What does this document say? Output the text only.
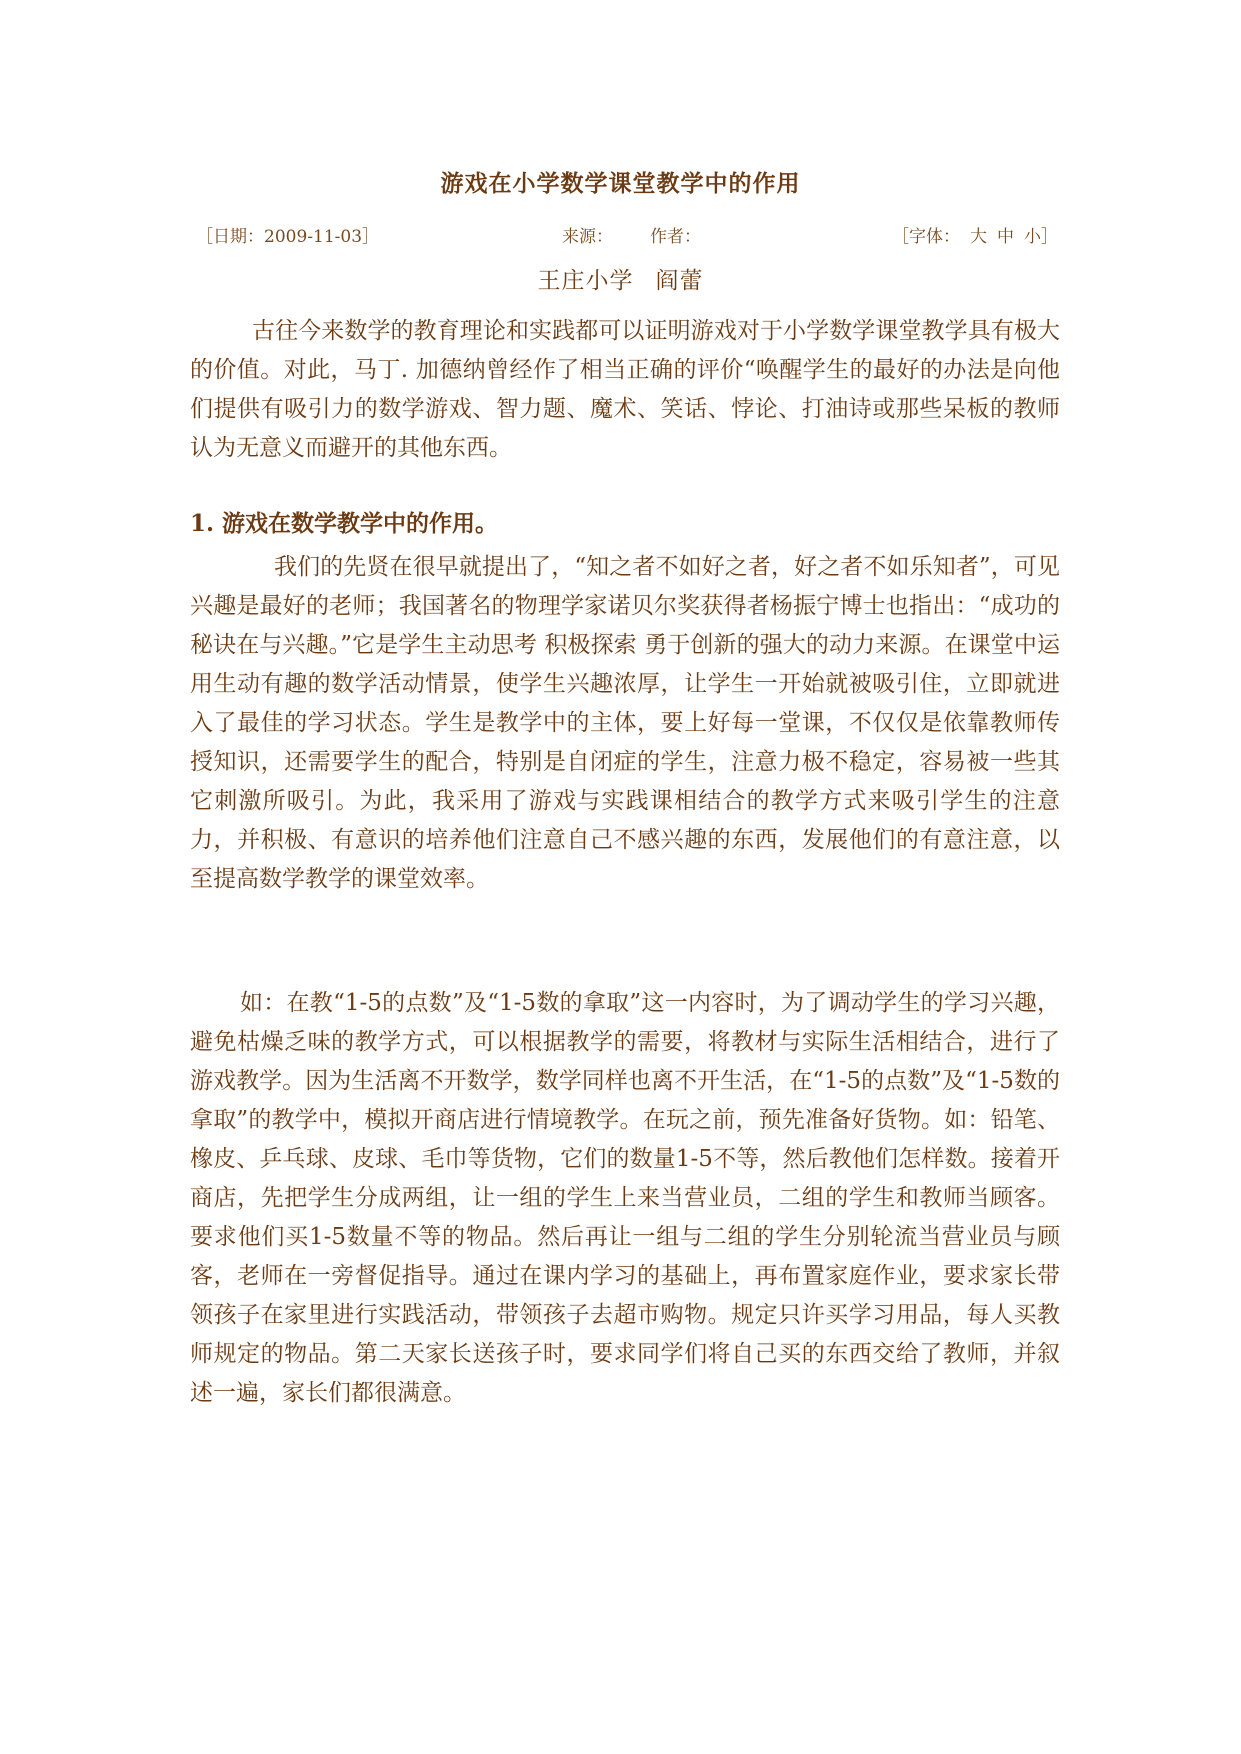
游戏在小学数学课堂教学中的作用
［日期：2009-11-03］	来源： 作者：	［字体： 大 中 小］
王庄小学 阎蕾

古往今来数学的教育理论和实践都可以证明游戏对于小学数学课堂教学具有极大的价值。对此，马丁. 加德纳曾经作了相当正确的评价“唤醒学生的最好的办法是向他们提供有吸引力的数学游戏、智力题、魔术、笑话、悖论、打油诗或那些呆板的教师认为无意义而避开的其他东西。

1. 游戏在数学教学中的作用。

我们的先贤在很早就提出了，“知之者不如好之者，好之者不如乐知者”，可见兴趣是最好的老师；我国著名的物理学家诺贝尔奖获得者杨振宁博士也指出：“成功的秘诀在与兴趣。”它是学生主动思考 积极探索 勇于创新的强大的动力来源。在课堂中运用生动有趣的数学活动情景，使学生兴趣浓厚，让学生一开始就被吸引住，立即就进入了最佳的学习状态。学生是教学中的主体，要上好每一堂课，不仅仅是依靠教师传授知识，还需要学生的配合，特别是自闭症的学生，注意力极不稳定，容易被一些其它刺激所吸引。为此，我采用了游戏与实践课相结合的教学方式来吸引学生的注意力，并积极、有意识的培养他们注意自己不感兴趣的东西，发展他们的有意注意，以至提高数学教学的课堂效率。

如：在教“1-5的点数”及“1-5数的拿取”这一内容时，为了调动学生的学习兴趣，避免枯燥乏味的教学方式，可以根据教学的需要，将教材与实际生活相结合，进行了游戏教学。因为生活离不开数学，数学同样也离不开生活，在“1-5的点数”及“1-5数的拿取”的教学中，模拟开商店进行情境教学。在玩之前，预先准备好货物。如：铅笔、橡皮、乒乓球、皮球、毛巾等货物，它们的数量1-5不等，然后教他们怎样数。接着开商店，先把学生分成两组，让一组的学生上来当营业员，二组的学生和教师当顾客。要求他们买1-5数量不等的物品。然后再让一组与二组的学生分别轮流当营业员与顾客，老师在一旁督促指导。通过在课内学习的基础上，再布置家庭作业，要求家长带领孩子在家里进行实践活动，带领孩子去超市购物。规定只许买学习用品，每人买教师规定的物品。第二天家长送孩子时，要求同学们将自己买的东西交给了教师，并叙述一遍，家长们都很满意。
